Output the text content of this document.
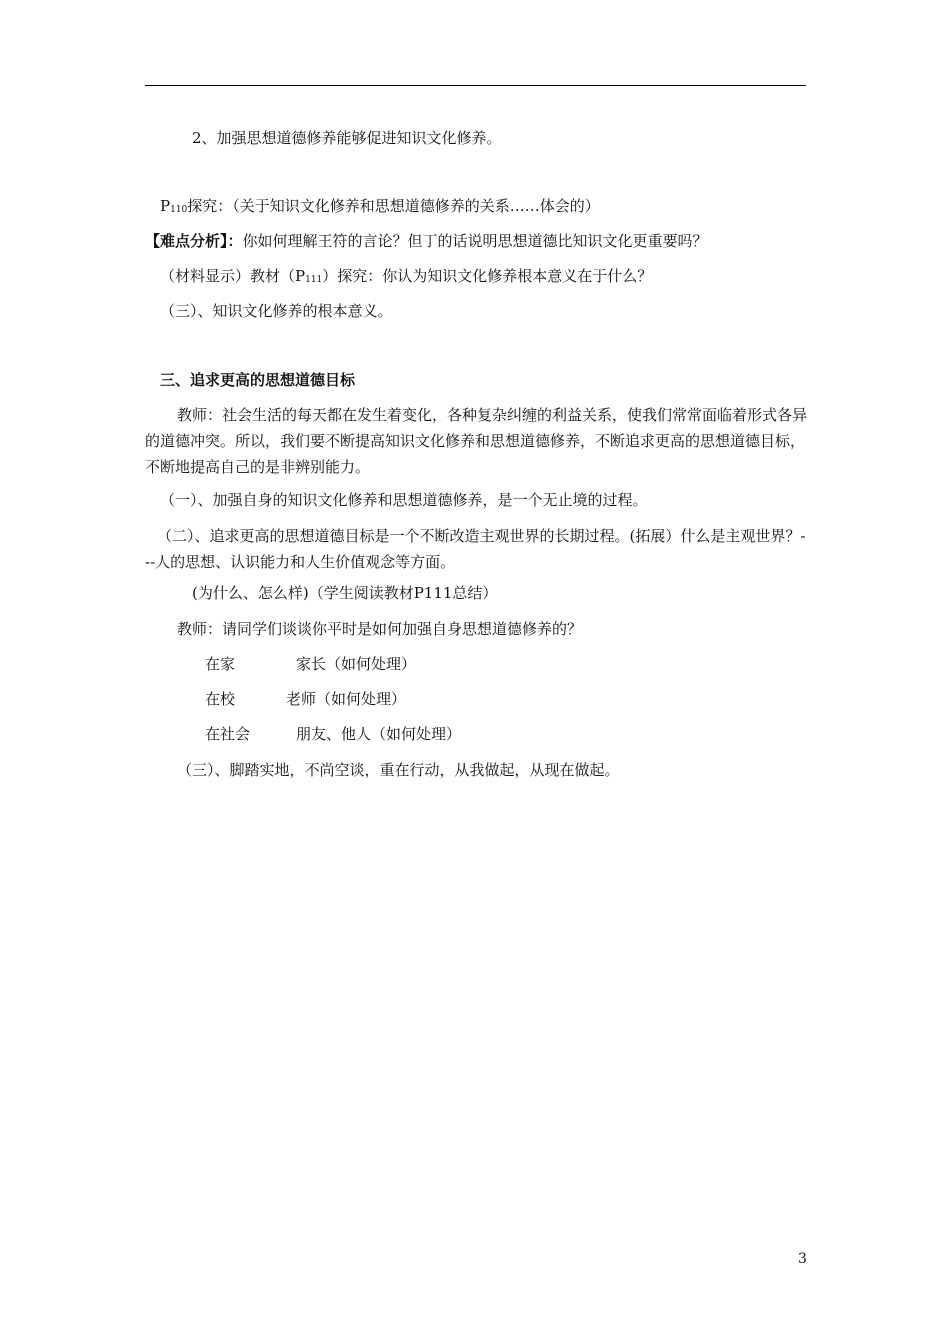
2、加强思想道德修养能够促进知识文化修养。
P110探究：（关于知识文化修养和思想道德修养的关系……体会的）
【难点分析】：你如何理解王符的言论？但丁的话说明思想道德比知识文化更重要吗？
（材料显示）教材（P111）探究：你认为知识文化修养根本意义在于什么？
（三）、知识文化修养的根本意义。
三、追求更高的思想道德目标
教师：社会生活的每天都在发生着变化，各种复杂纠缠的利益关系，使我们常常面临着形式各异的道德冲突。所以，我们要不断提高知识文化修养和思想道德修养，不断追求更高的思想道德目标，不断地提高自己的是非辨别能力。
（一）、加强自身的知识文化修养和思想道德修养，是一个无止境的过程。
（二）、追求更高的思想道德目标是一个不断改造主观世界的长期过程。(拓展）什么是主观世界？---人的思想、认识能力和人生价值观念等方面。
(为什么、怎么样)（学生阅读教材P111总结）
教师：请同学们谈谈你平时是如何加强自身思想道德修养的？
在家	家长（如何处理）
在校	老师（如何处理）
在社会	朋友、他人（如何处理）
（三）、脚踏实地，不尚空谈，重在行动，从我做起，从现在做起。
3
